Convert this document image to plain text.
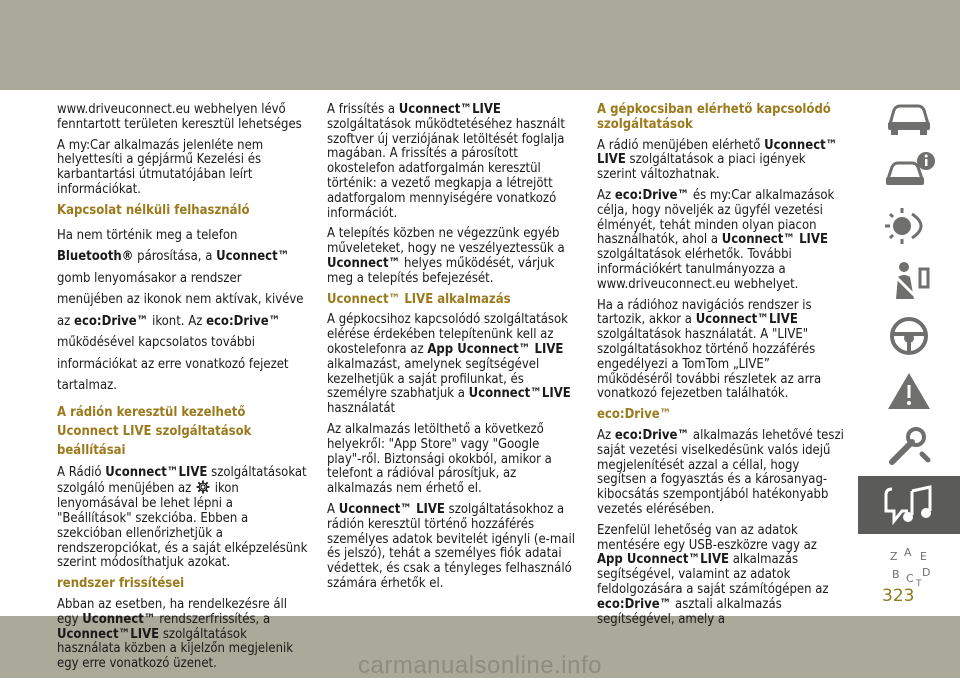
carmanualsonline.info

www.driveuconnect.eu webhelyen lévő fenntartott területen keresztül lehetséges

A my:Car alkalmazás jelenléte nem helyettesíti a gépjármű Kezelési és karbantartási útmutatójában leírt információkat.

Kapcsolat nélküli felhasználó

Ha nem történik meg a telefon Bluetooth® párosítása, a Uconnect™ gomb lenyomásakor a rendszer menüjében az ikonok nem aktívak, kivéve az eco:Drive™ ikont. Az eco:Drive™ működésével kapcsolatos további információkat az erre vonatkozó fejezet tartalmaz.

A rádión keresztül kezelhető Uconnect LIVE szolgáltatások beállításai

A Rádió Uconnect™LIVE szolgáltatásokat szolgáló menüjében az  ikon lenyomásával be lehet lépni a "Beállítások" szekcióba. Ebben a szekcióban ellenőrizhetjük a rendszeropciókat, és a saját elképzelésünk szerint módosíthatjuk azokat.

rendszer frissítései

Abban az esetben, ha rendelkezésre áll egy Uconnect™ rendszerfrissítés, a Uconnect™LIVE szolgáltatások használata közben a kijelzőn megjelenik egy erre vonatkozó üzenet.

A frissítés a Uconnect™LIVE szolgáltatások működtetéséhez használt szoftver új verziójának letöltését foglalja magában. A frissítés a párosított okostelefon adatforgalmán keresztül történik: a vezető megkapja a létrejött adatforgalom mennyiségére vonatkozó információt.

A telepítés közben ne végezzünk egyéb műveleteket, hogy ne veszélyeztessük a Uconnect™ helyes működését, várjuk meg a telepítés befejezését.

Uconnect™ LIVE alkalmazás

A gépkocsihoz kapcsolódó szolgáltatások elérése érdekében telepítenünk kell az okostelefonra az App Uconnect™ LIVE alkalmazást, amelynek segítségével kezelhetjük a saját profilunkat, és személyre szabhatjuk a Uconnect™LIVE használatát

Az alkalmazás letölthető a következő helyekről: "App Store" vagy "Google play"-ről. Biztonsági okokból, amikor a telefont a rádióval párosítjuk, az alkalmazás nem érhető el.

A Uconnect™ LIVE szolgáltatásokhoz a rádión keresztül történő hozzáférés személyes adatok bevitelét igényli (e-mail és jelszó), tehát a személyes fiók adatai védettek, és csak a tényleges felhasználó számára érhetők el.

A gépkocsiban elérhető kapcsolódó szolgáltatások

A rádió menüjében elérhető Uconnect™ LIVE szolgáltatások a piaci igények szerint változhatnak.

Az eco:Drive™ és my:Car alkalmazások célja, hogy növeljék az ügyfél vezetési élményét, tehát minden olyan piacon használhatók, ahol a Uconnect™ LIVE szolgáltatások elérhetők. További információkért tanulmányozza a www.driveuconnect.eu webhelyet.

Ha a rádióhoz navigációs rendszer is tartozik, akkor a Uconnect™LIVE szolgáltatások használatát. A "LIVE" szolgáltatásokhoz történő hozzáférés engedélyezi a TomTom „LIVE” működéséről további részletek az arra vonatkozó fejezetben találhatók.

eco:Drive™

Az eco:Drive™ alkalmazás lehetővé teszi saját vezetési viselkedésünk valós idejű megjelenítését azzal a céllal, hogy segítsen a fogyasztás és a károsanyag-kibocsátás szempontjából hatékonyabb vezetés elérésében.

Ezenfelül lehetőség van az adatok mentésére egy USB-eszközre vagy az App Uconnect™LIVE alkalmazás segítségével, valamint az adatok feldolgozására a saját számítógépen az eco:Drive™ asztali alkalmazás segítségével, amely a

Z A E
B C D
T
323
